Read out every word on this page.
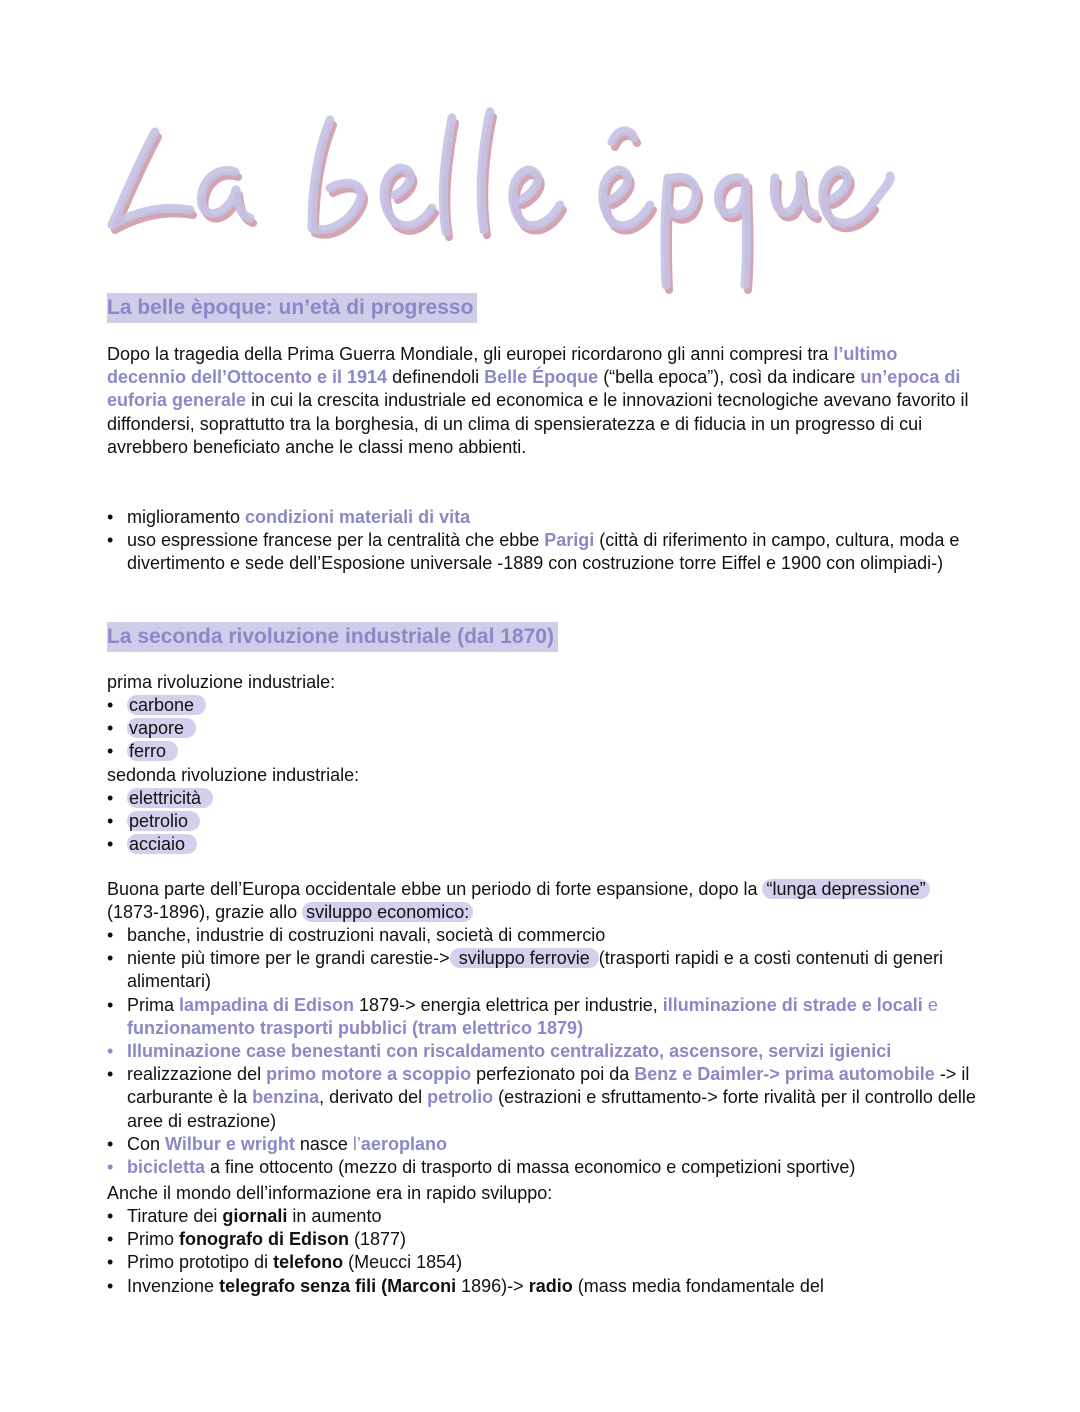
La belle èpoque: un’età di progresso
Dopo la tragedia della Prima Guerra Mondiale, gli europei ricordarono gli anni compresi tra l’ultimo decennio dell’Ottocento e il 1914 definendoli Belle Époque (“bella epoca”), così da indicare un’epoca di euforia generale in cui la crescita industriale ed economica e le innovazioni tecnologiche avevano favorito il diffondersi, soprattutto tra la borghesia, di un clima di spensieratezza e di fiducia in un progresso di cui avrebbero beneficiato anche le classi meno abbienti.
• miglioramento condizioni materiali di vita
• uso espressione francese per la centralità che ebbe Parigi (città di riferimento in campo, cultura, moda e divertimento e sede dell’Esposione universale -1889 con costruzione torre Eiffel e 1900 con olimpiadi-)
La seconda rivoluzione industriale (dal 1870)
prima rivoluzione industriale:
• carbone
• vapore
• ferro
sedonda rivoluzione industriale:
• elettricità
• petrolio
• acciaio
Buona parte dell’Europa occidentale ebbe un periodo di forte espansione, dopo la “lunga depressione” (1873-1896), grazie allo sviluppo economico:
• banche, industrie di costruzioni navali, società di commercio
• niente più timore per le grandi carestie-> sviluppo ferrovie (trasporti rapidi e a costi contenuti di generi alimentari)
• Prima lampadina di Edison 1879-> energia elettrica per industrie, illuminazione di strade e locali e funzionamento trasporti pubblici (tram elettrico 1879)
• Illuminazione case benestanti con riscaldamento centralizzato, ascensore, servizi igienici
• realizzazione del primo motore a scoppio perfezionato poi da Benz e Daimler-> prima automobile -> il carburante è la benzina, derivato del petrolio (estrazioni e sfruttamento-> forte rivalità per il controllo delle aree di estrazione)
• Con Wilbur e wright nasce l’aeroplano
• bicicletta a fine ottocento (mezzo di trasporto di massa economico e competizioni sportive)
Anche il mondo dell’informazione era in rapido sviluppo:
• Tirature dei giornali in aumento
• Primo fonografo di Edison (1877)
• Primo prototipo di telefono (Meucci 1854)
• Invenzione telegrafo senza fili (Marconi 1896)-> radio (mass media fondamentale del
